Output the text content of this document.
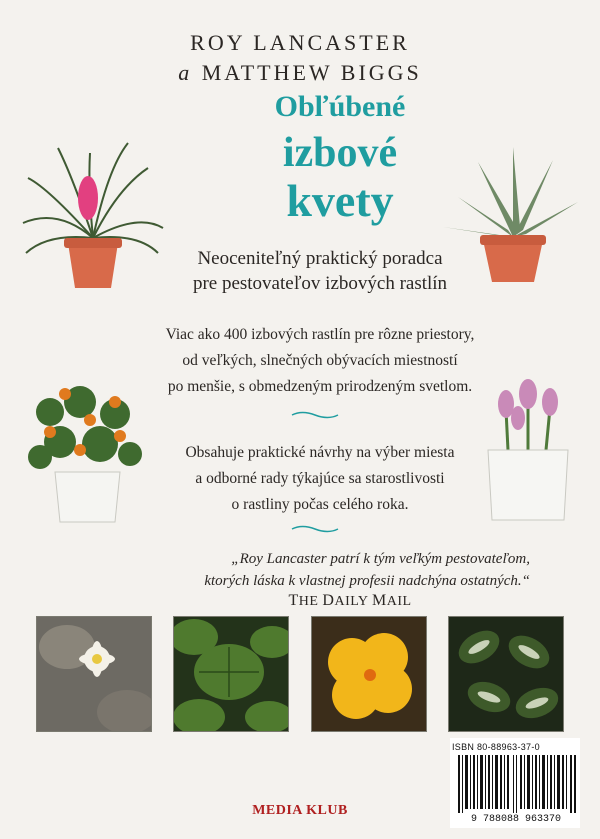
ROY LANCASTER
a MATTHEW BIGGS
Obľúbené
izbové
kvety
Neoceniteľný praktický poradca
pre pestovateľov izbových rastlín
Viac ako 400 izbových rastlín pre rôzne priestory,
od veľkých, slnečných obývacích miestností
po menšie, s obmedzeným prirodzeným svetlom.
Obsahuje praktické návrhy na výber miesta
a odborné rady týkajúce sa starostlivosti
o rastliny počas celého roka.
„Roy Lancaster patrí k tým veľkým pestovateľom,
ktorých láska k vlastnej profesii nadchýna ostatných.“
THE DAILY MAIL
MEDIA KLUB
ISBN 80-88963-37-0
9 788088 963370
